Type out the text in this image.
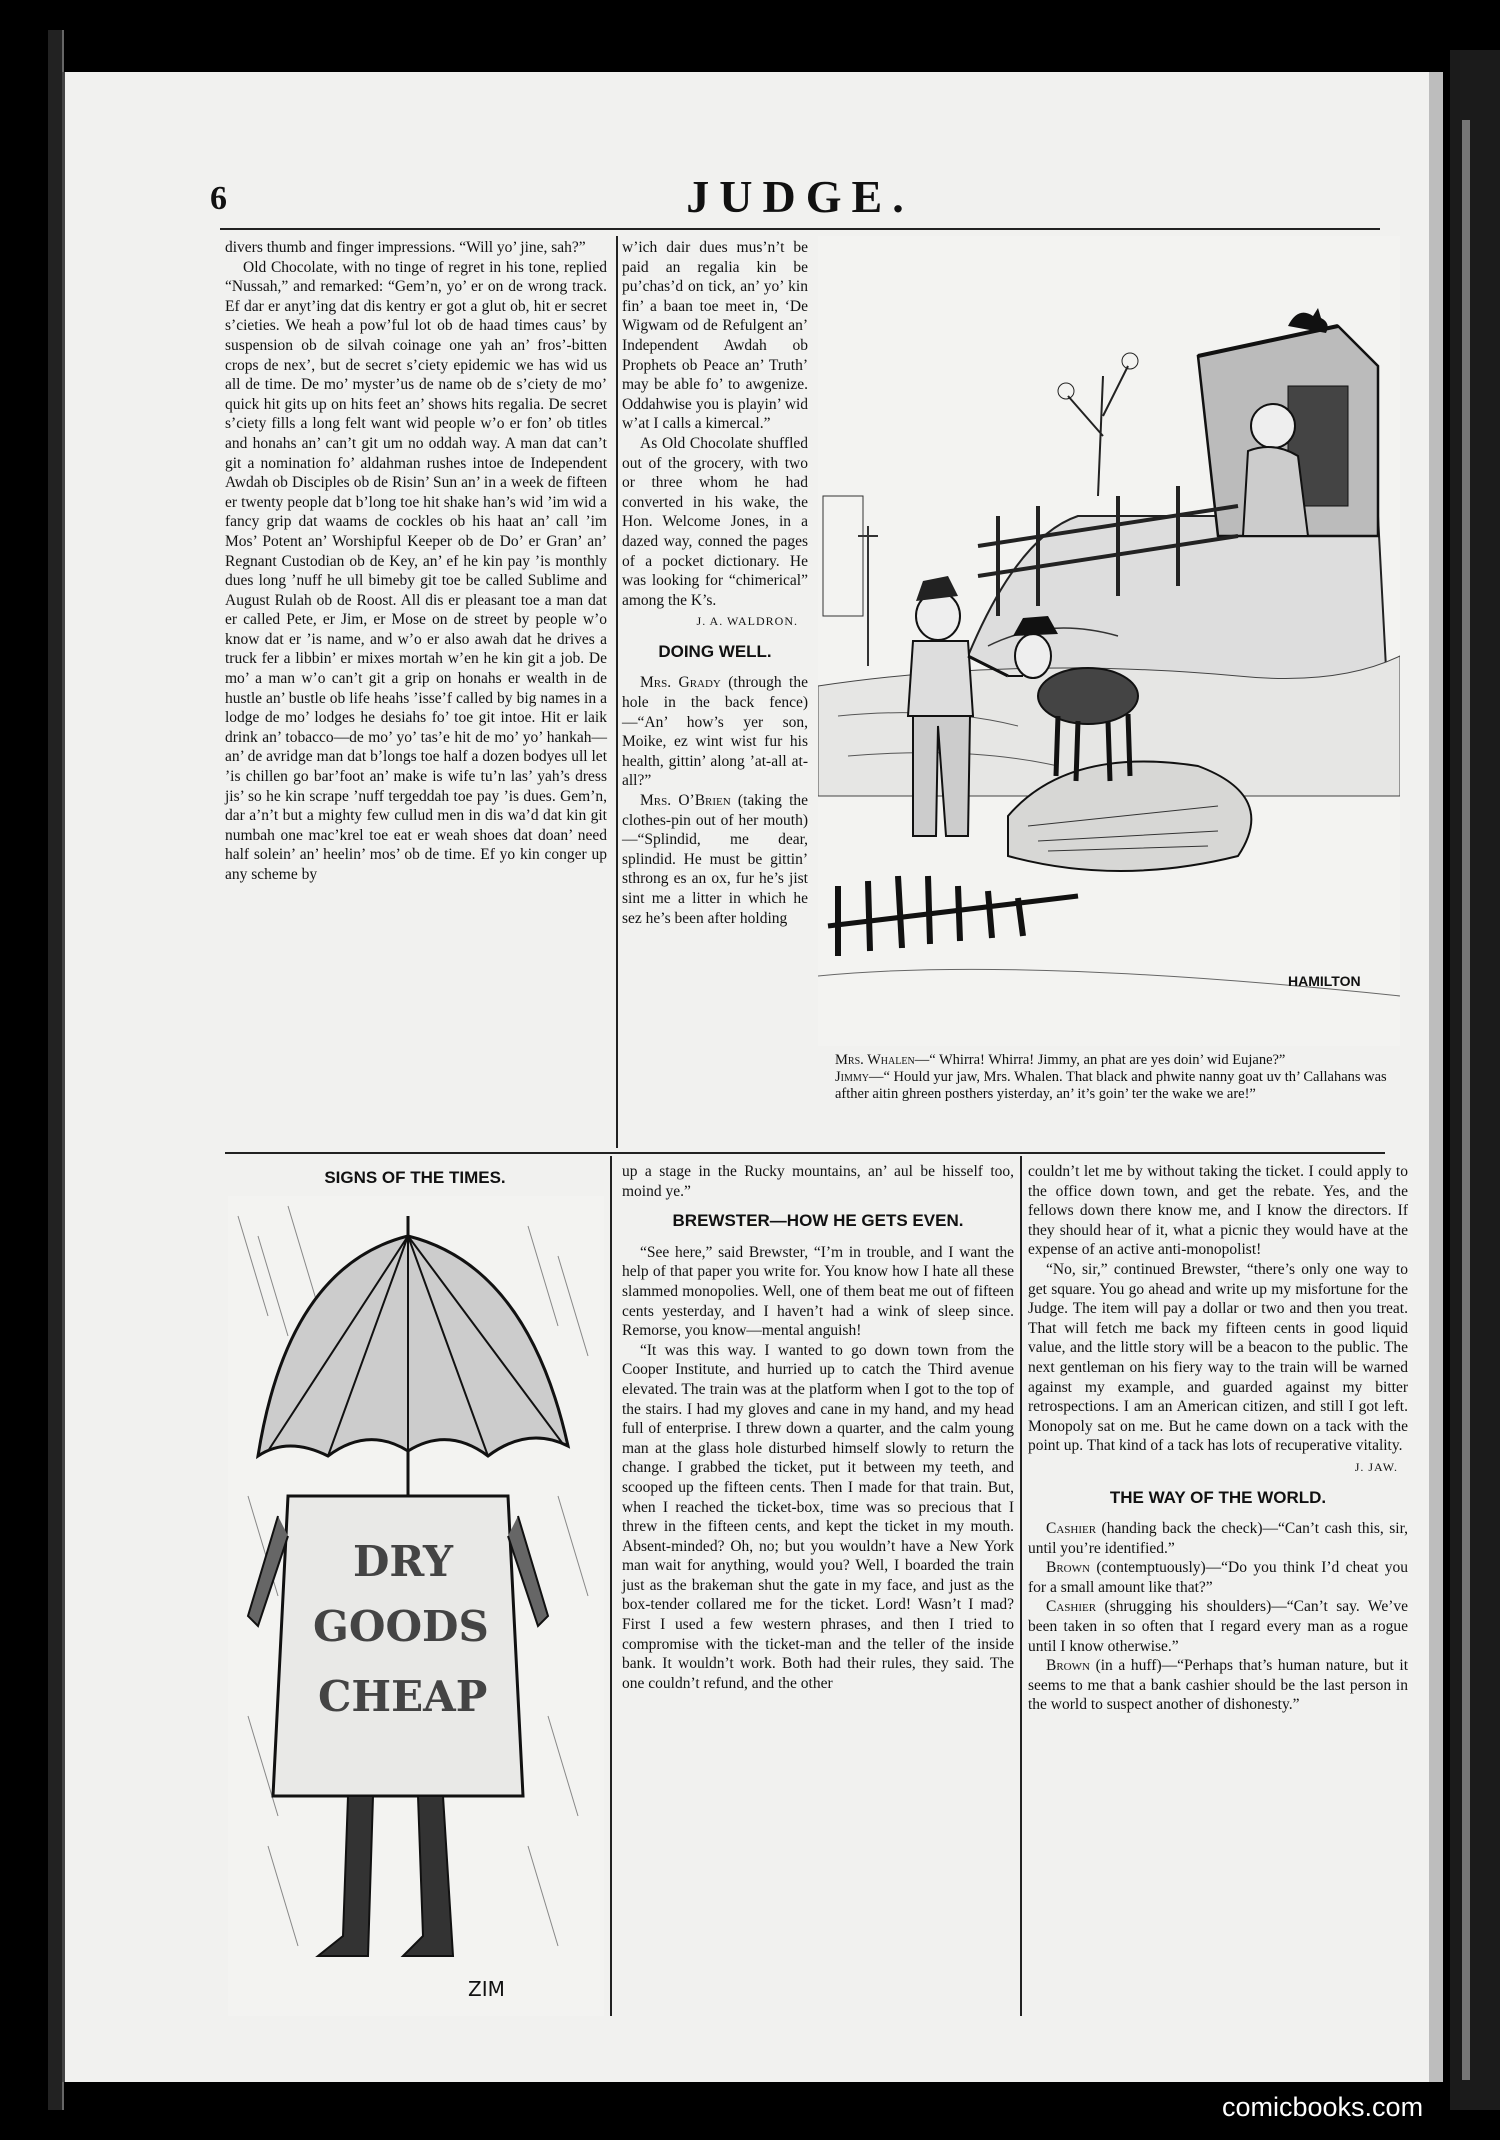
6	JUDGE.

divers thumb and finger impressions. “Will yo’ jine, sah?”

Old Chocolate, with no tinge of regret in his tone, replied “Nussah,” and remarked: “Gem’n, yo’ er on de wrong track. Ef dar er anyt’ing dat dis kentry er got a glut ob, hit er secret s’cieties. We heah a pow’ful lot ob de haad times caus’ by suspension ob de silvah coinage one yah an’ fros’-bitten crops de nex’, but de secret s’ciety epidemic we has wid us all de time. De mo’ myster’us de name ob de s’ciety de mo’ quick hit gits up on hits feet an’ shows hits regalia. De secret s’ciety fills a long felt want wid people w’o er fon’ ob titles and honahs an’ can’t git um no oddah way. A man dat can’t git a nomination fo’ aldahman rushes intoe de Independent Awdah ob Disciples ob de Risin’ Sun an’ in a week de fifteen er twenty people dat b’long toe hit shake han’s wid ’im wid a fancy grip dat waams de cockles ob his haat an’ call ’im Mos’ Potent an’ Worshipful Keeper ob de Do’ er Gran’ an’ Regnant Custodian ob de Key, an’ ef he kin pay ’is monthly dues long ’nuff he ull bimeby git toe be called Sublime and August Rulah ob de Roost. All dis er pleasant toe a man dat er called Pete, er Jim, er Mose on de street by people w’o know dat er ’is name, and w’o er also awah dat he drives a truck fer a libbin’ er mixes mortah w’en he kin git a job. De mo’ a man w’o can’t git a grip on honahs er wealth in de hustle an’ bustle ob life heahs ’isse’f called by big names in a lodge de mo’ lodges he desiahs fo’ toe git intoe. Hit er laik drink an’ tobacco—de mo’ yo’ tas’e hit de mo’ yo’ hankah—an’ de avridge man dat b’longs toe half a dozen bodyes ull let ’is chillen go bar’foot an’ make is wife tu’n las’ yah’s dress jis’ so he kin scrape ’nuff tergeddah toe pay ’is dues. Gem’n, dar a’n’t but a mighty few cullud men in dis wa’d dat kin git numbah one mac’krel toe eat er weah shoes dat doan’ need half solein’ an’ heelin’ mos’ ob de time. Ef yo kin conger up any scheme by

w’ich dair dues mus’n’t be paid an regalia kin be pu’chas’d on tick, an’ yo’ kin fin’ a baan toe meet in, ‘De Wigwam od de Refulgent an’ Independent Awdah ob Prophets ob Peace an’ Truth’ may be able fo’ to awgenize. Oddahwise you is playin’ wid w’at I calls a kimercal.”

As Old Chocolate shuffled out of the grocery, with two or three whom he had converted in his wake, the Hon. Welcome Jones, in a dazed way, conned the pages of a pocket dictionary. He was looking for “chimerical” among the K’s.

J. A. WALDRON.
DOING WELL.

Mrs. Grady (through the hole in the back fence)—“An’ how’s yer son, Moike, ez wint wist fur his health, gittin’ along ’at-all at-all?”

Mrs. O’Brien (taking the clothes-pin out of her mouth)—“Splindid, me dear, splindid. He must be gittin’ sthrong es an ox, fur he’s jist sint me a litter in which he sez he’s been after holding

HAMILTON

Mrs. Whalen—“ Whirra! Whirra! Jimmy, an phat are yes doin’ wid Eujane?”

Jimmy—“ Hould yur jaw, Mrs. Whalen. That black and phwite nanny goat uv th’ Callahans was afther aitin ghreen posthers yisterday, an’ it’s goin’ ter the wake we are!”

SIGNS OF THE TIMES.
DRY
GOODS
CHEAP
ZIM

up a stage in the Rucky mountains, an’ aul be hisself too, moind ye.”

BREWSTER—HOW HE GETS EVEN.

“See here,” said Brewster, “I’m in trouble, and I want the help of that paper you write for. You know how I hate all these slammed monopolies. Well, one of them beat me out of fifteen cents yesterday, and I haven’t had a wink of sleep since. Remorse, you know—mental anguish!

“It was this way. I wanted to go down town from the Cooper Institute, and hurried up to catch the Third avenue elevated. The train was at the platform when I got to the top of the stairs. I had my gloves and cane in my hand, and my head full of enterprise. I threw down a quarter, and the calm young man at the glass hole disturbed himself slowly to return the change. I grabbed the ticket, put it between my teeth, and scooped up the fifteen cents. Then I made for that train. But, when I reached the ticket-box, time was so precious that I threw in the fifteen cents, and kept the ticket in my mouth. Absent-minded? Oh, no; but you wouldn’t have a New York man wait for anything, would you? Well, I boarded the train just as the brakeman shut the gate in my face, and just as the box-tender collared me for the ticket. Lord! Wasn’t I mad? First I used a few western phrases, and then I tried to compromise with the ticket-man and the teller of the inside bank. It wouldn’t work. Both had their rules, they said. The one couldn’t refund, and the other

couldn’t let me by without taking the ticket. I could apply to the office down town, and get the rebate. Yes, and the fellows down there know me, and I know the directors. If they should hear of it, what a picnic they would have at the expense of an active anti-monopolist!

“No, sir,” continued Brewster, “there’s only one way to get square. You go ahead and write up my misfortune for the Judge. The item will pay a dollar or two and then you treat. That will fetch me back my fifteen cents in good liquid value, and the little story will be a beacon to the public. The next gentleman on his fiery way to the train will be warned against my example, and guarded against my bitter retrospections. I am an American citizen, and still I got left. Monopoly sat on me. But he came down on a tack with the point up. That kind of a tack has lots of recuperative vitality.

J. JAW.
THE WAY OF THE WORLD.

Cashier (handing back the check)—“Can’t cash this, sir, until you’re identified.”

Brown (contemptuously)—“Do you think I’d cheat you for a small amount like that?”

Cashier (shrugging his shoulders)—“Can’t say. We’ve been taken in so often that I regard every man as a rogue until I know otherwise.”

Brown (in a huff)—“Perhaps that’s human nature, but it seems to me that a bank cashier should be the last person in the world to suspect another of dishonesty.”

comicbooks.com
